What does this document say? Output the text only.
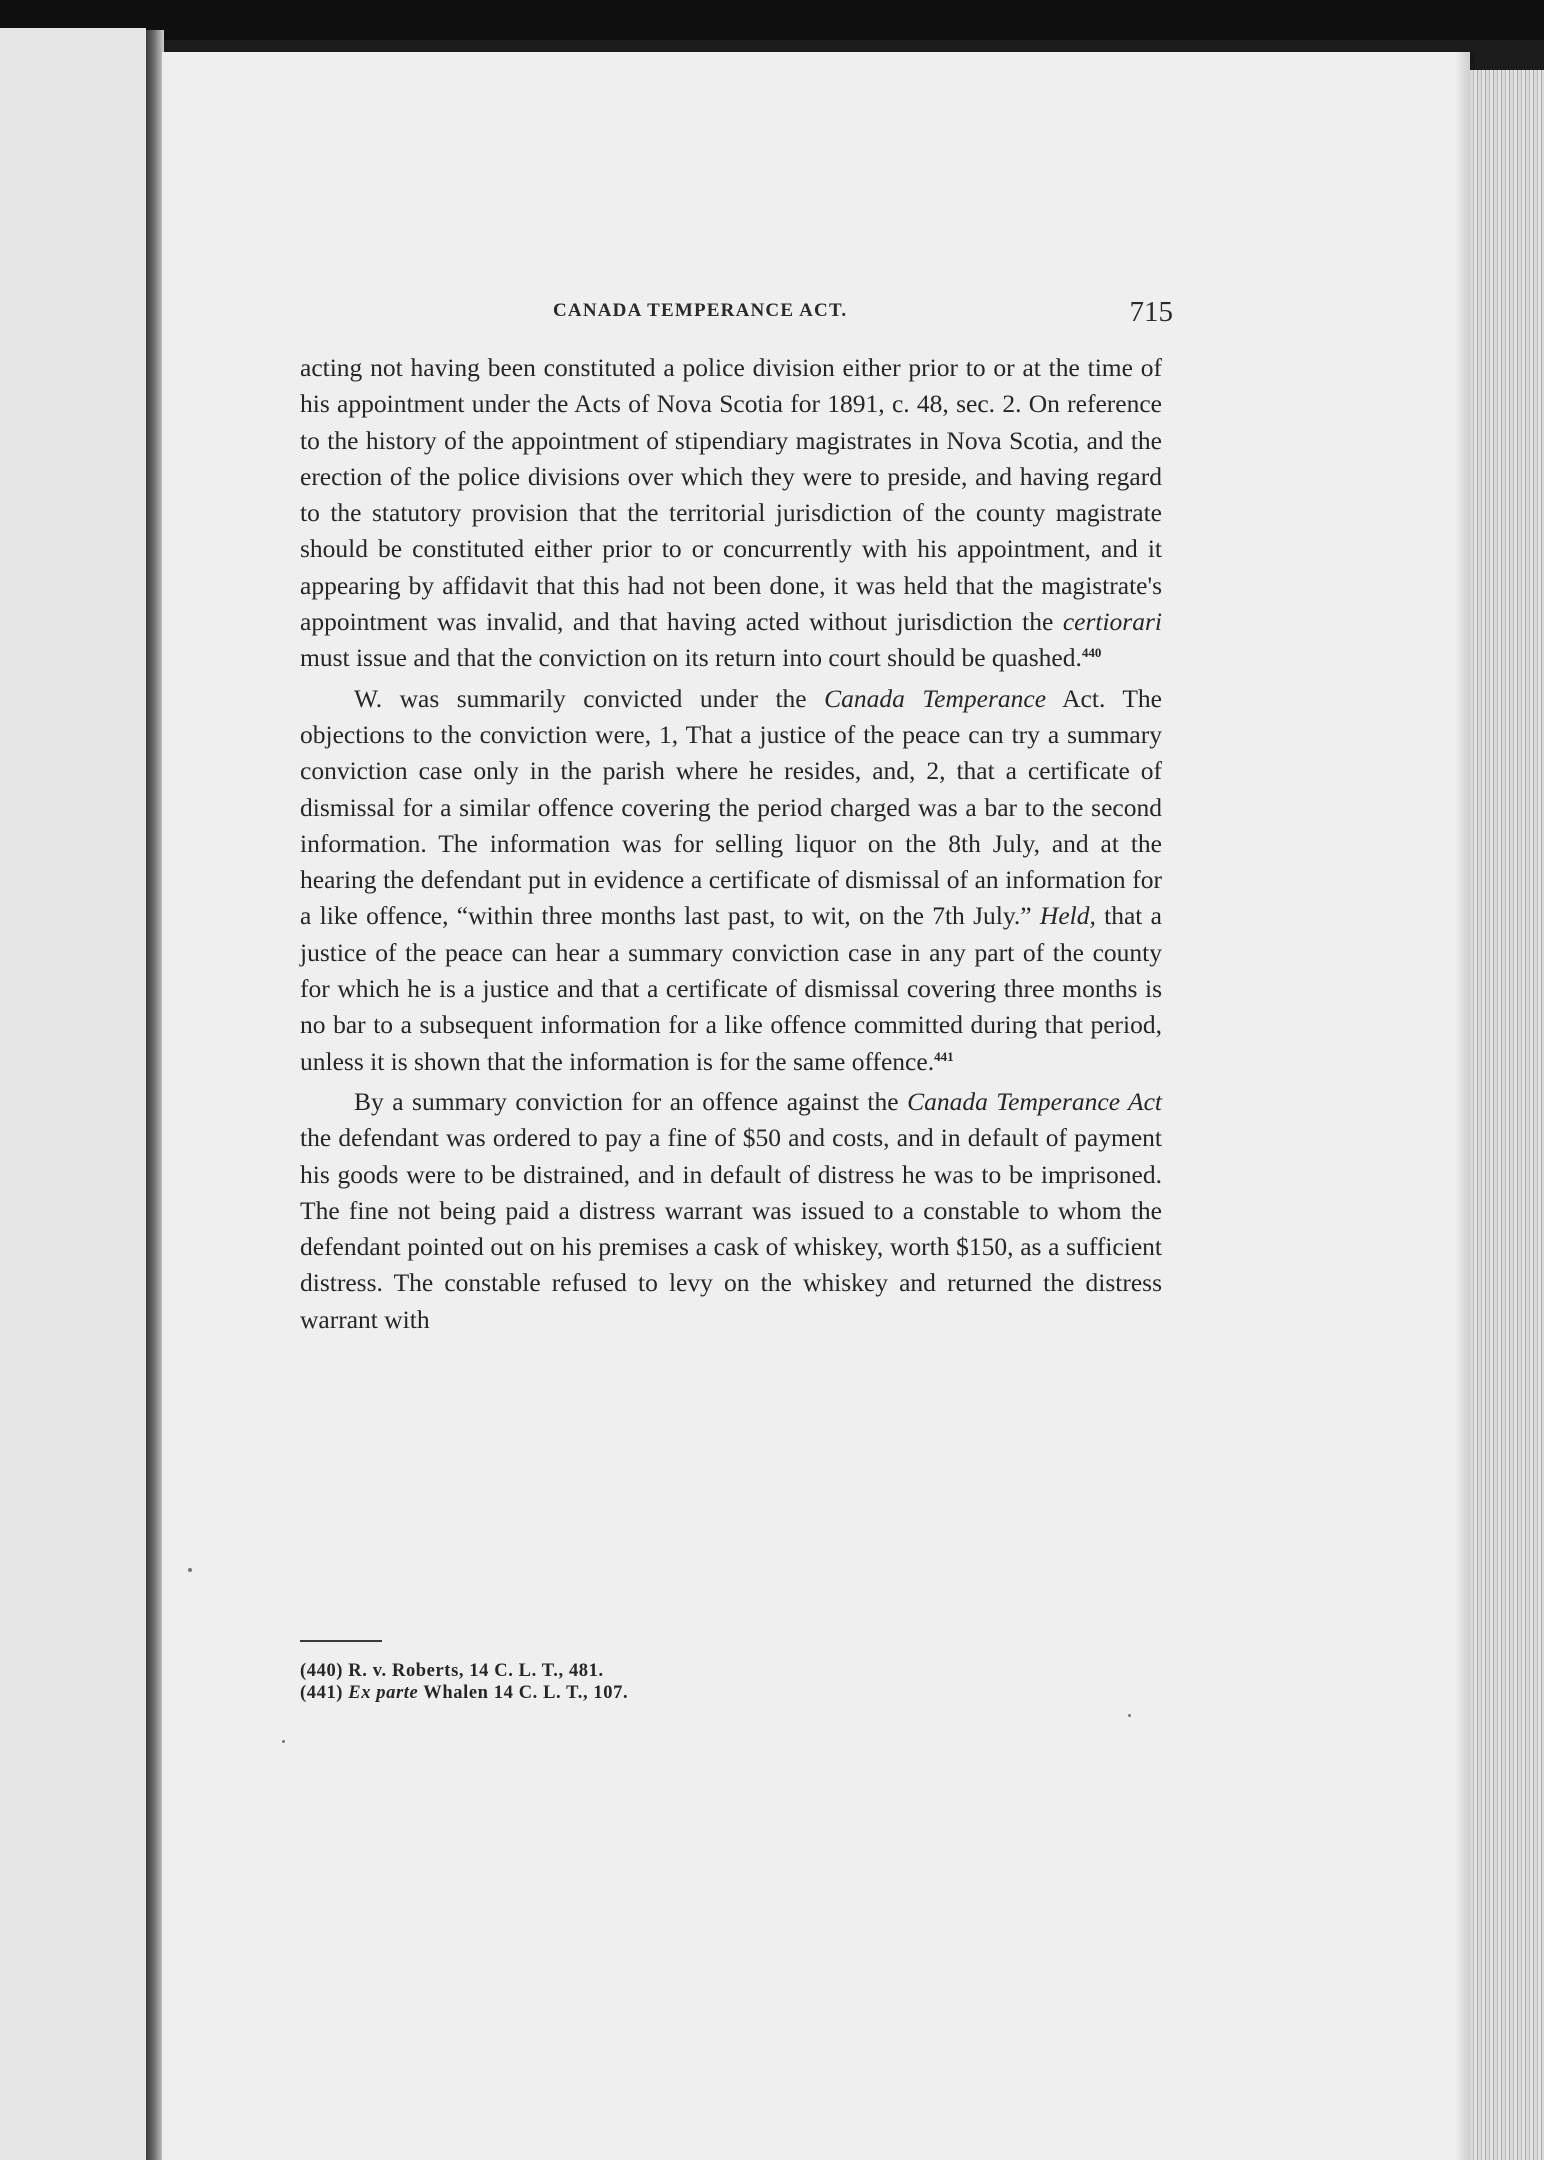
CANADA TEMPERANCE ACT.	715

acting not having been constituted a police division either prior to or at the time of his appointment under the Acts of Nova Scotia for 1891, c. 48, sec. 2. On reference to the history of the appointment of stipendiary magistrates in Nova Scotia, and the erection of the police divisions over which they were to preside, and having regard to the statutory provision that the territorial jurisdiction of the county magistrate should be constituted either prior to or concurrently with his appointment, and it appearing by affidavit that this had not been done, it was held that the magistrate's appointment was invalid, and that having acted without jurisdiction the certiorari must issue and that the conviction on its return into court should be quashed.$^{440}$

W. was summarily convicted under the Canada Temperance Act. The objections to the conviction were, 1, That a justice of the peace can try a summary conviction case only in the parish where he resides, and, 2, that a certificate of dismissal for a similar offence covering the period charged was a bar to the second information. The information was for selling liquor on the 8th July, and at the hearing the defendant put in evidence a certificate of dismissal of an information for a like offence, “within three months last past, to wit, on the 7th July.” Held, that a justice of the peace can hear a summary conviction case in any part of the county for which he is a justice and that a certificate of dismissal covering three months is no bar to a subsequent information for a like offence committed during that period, unless it is shown that the information is for the same offence.$^{441}$

By a summary conviction for an offence against the Canada Temperance Act the defendant was ordered to pay a fine of $50 and costs, and in default of payment his goods were to be distrained, and in default of distress he was to be imprisoned. The fine not being paid a distress warrant was issued to a constable to whom the defendant pointed out on his premises a cask of whiskey, worth $150, as a sufficient distress. The constable refused to levy on the whiskey and returned the distress warrant with

(440) R. v. Roberts, 14 C. L. T., 481.
(441) Ex parte Whalen 14 C. L. T., 107.
